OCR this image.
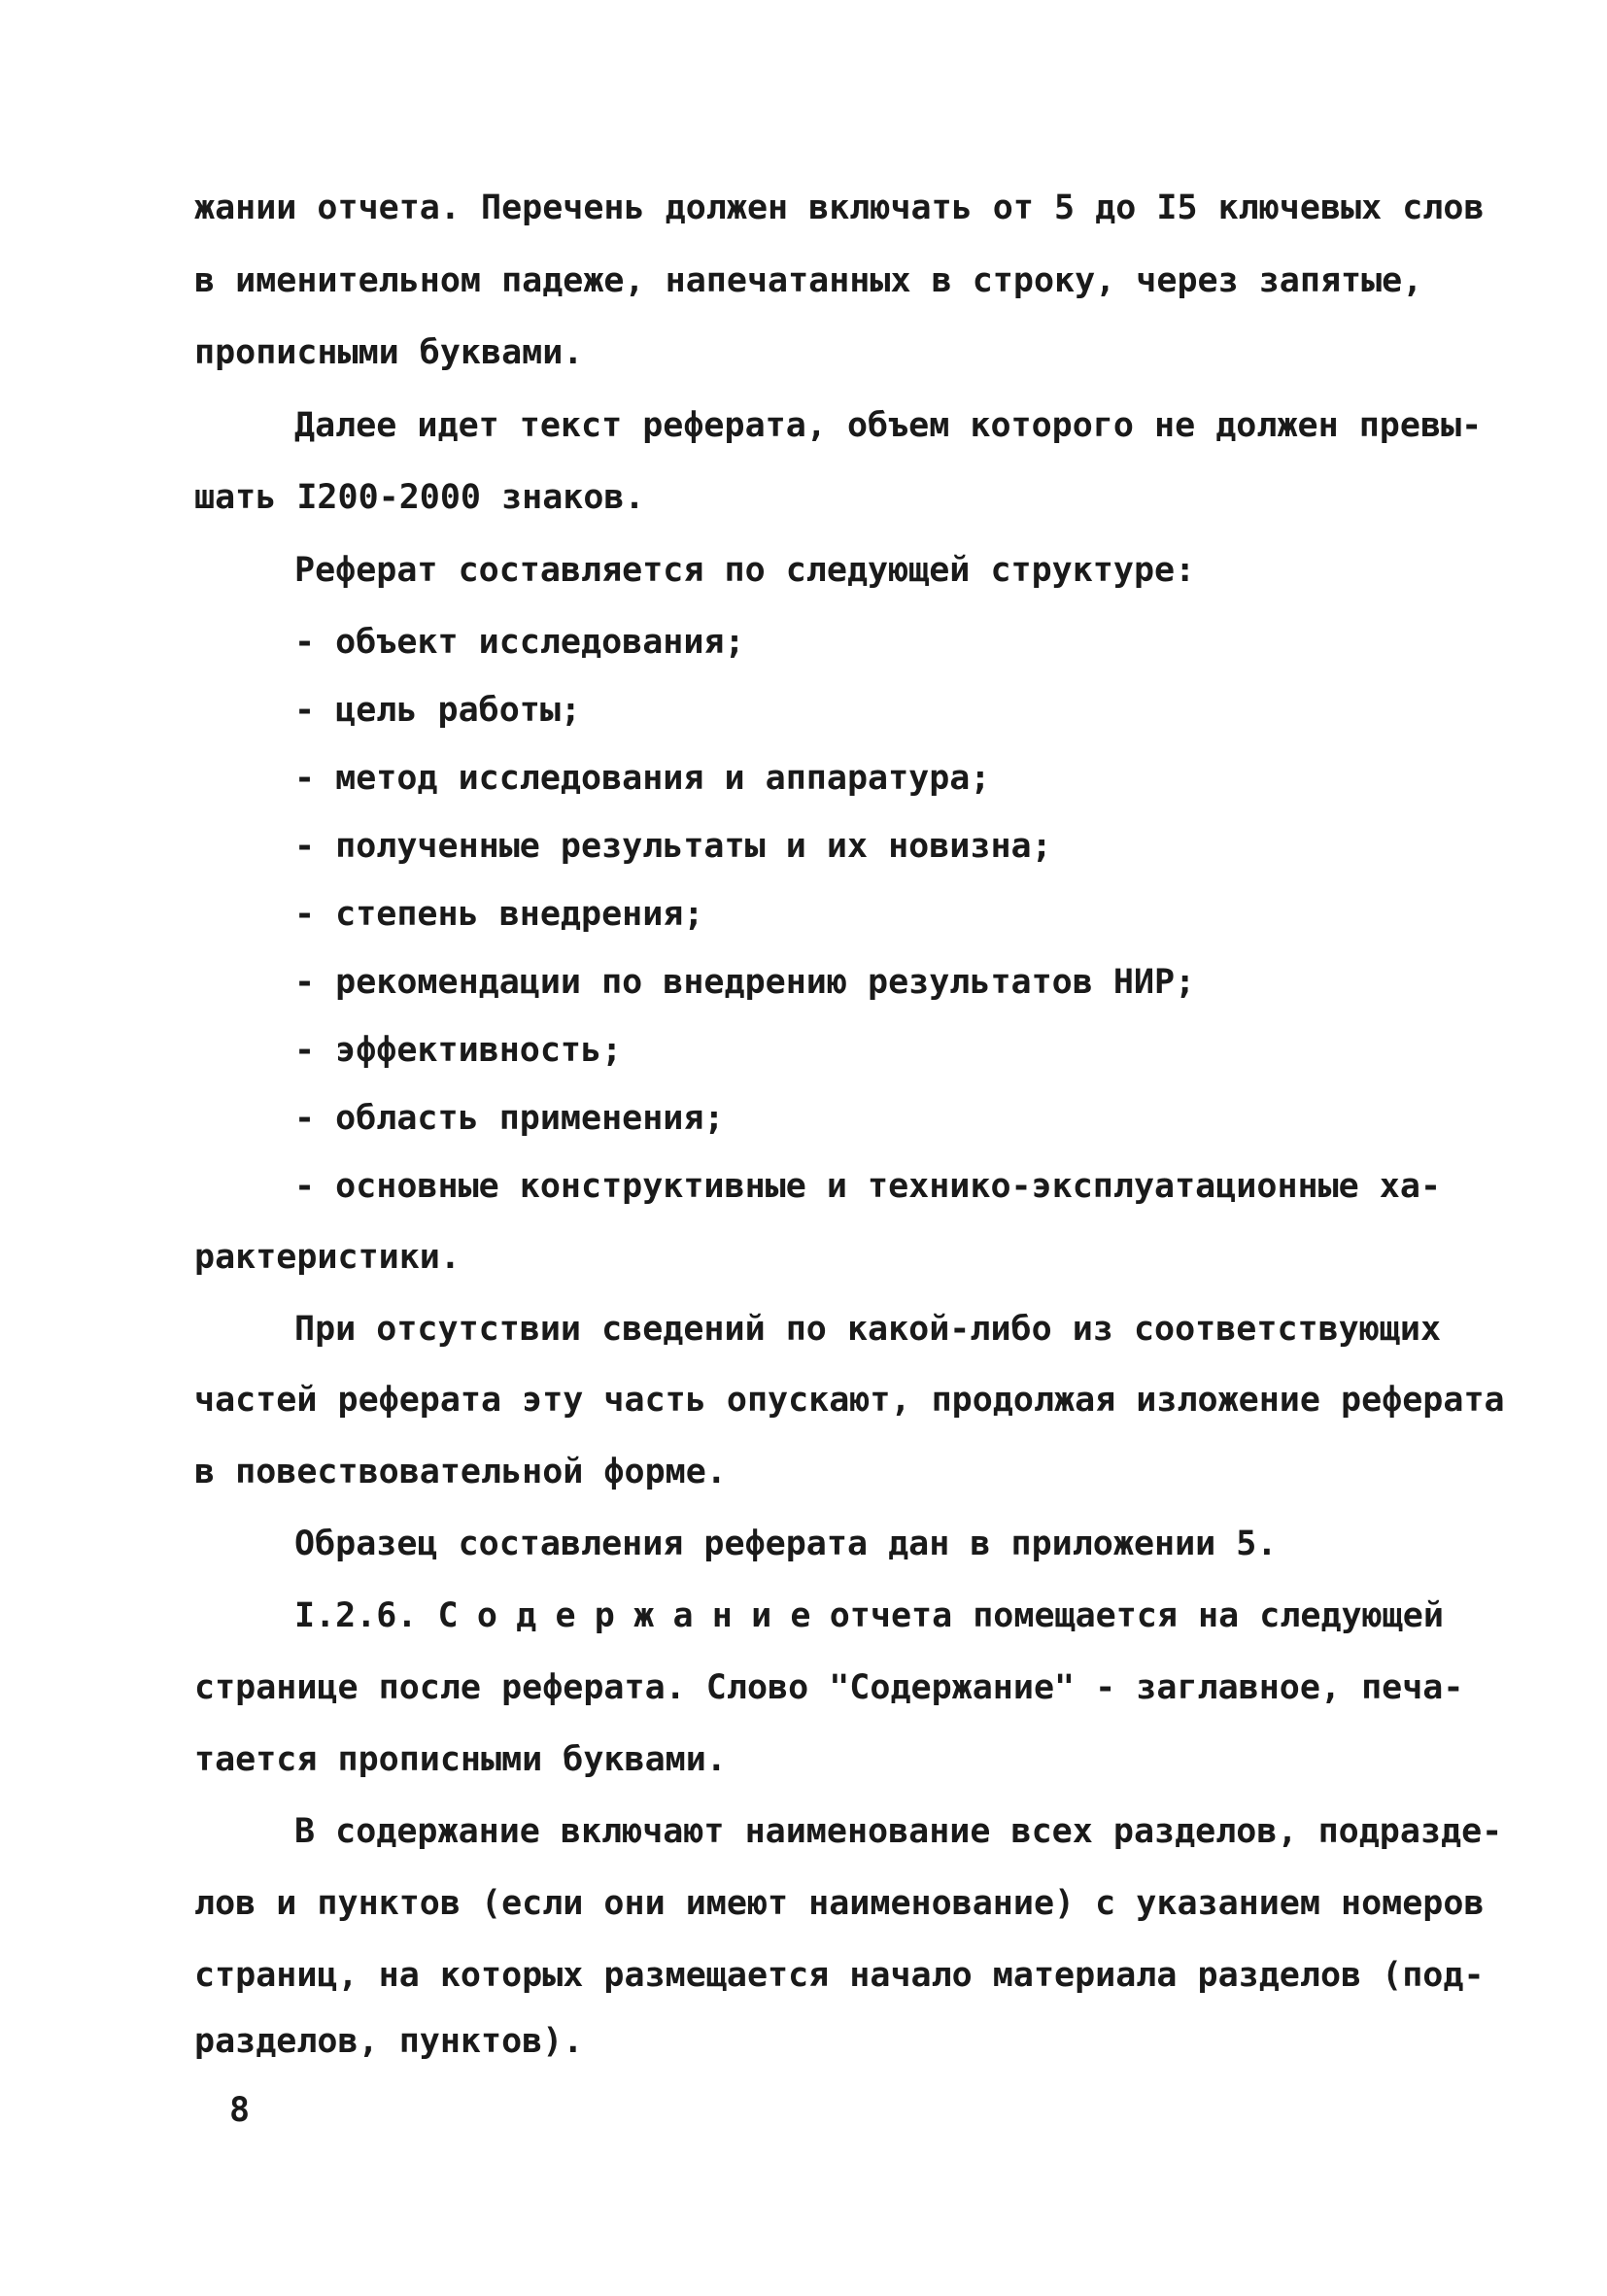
жании отчета. Перечень должен включать от 5 до I5 ключевых слов
в именительном падеже, напечатанных в строку, через запятые,
прописными буквами.
Далее идет текст реферата, объем которого не должен превы-
шать I200-2000 знаков.
Реферат составляется по следующей структуре:
- объект исследования;
- цель работы;
- метод исследования и аппаратура;
- полученные результаты и их новизна;
- степень внедрения;
- рекомендации по внедрению результатов НИР;
- эффективность;
- область применения;
- основные конструктивные и технико-эксплуатационные ха-
рактеристики.
При отсутствии сведений по какой-либо из соответствующих
частей реферата эту часть опускают, продолжая изложение реферата
в повествовательной форме.
Образец составления реферата дан в приложении 5.
I.2.6. Содержаниеотчета помещается на следующей
странице после реферата. Слово "Содержание" - заглавное, печа-
тается прописными буквами.
В содержание включают наименование всех разделов, подразде-
лов и пунктов (если они имеют наименование) с указанием номеров
страниц, на которых размещается начало материала разделов (под-
разделов, пунктов).
8
